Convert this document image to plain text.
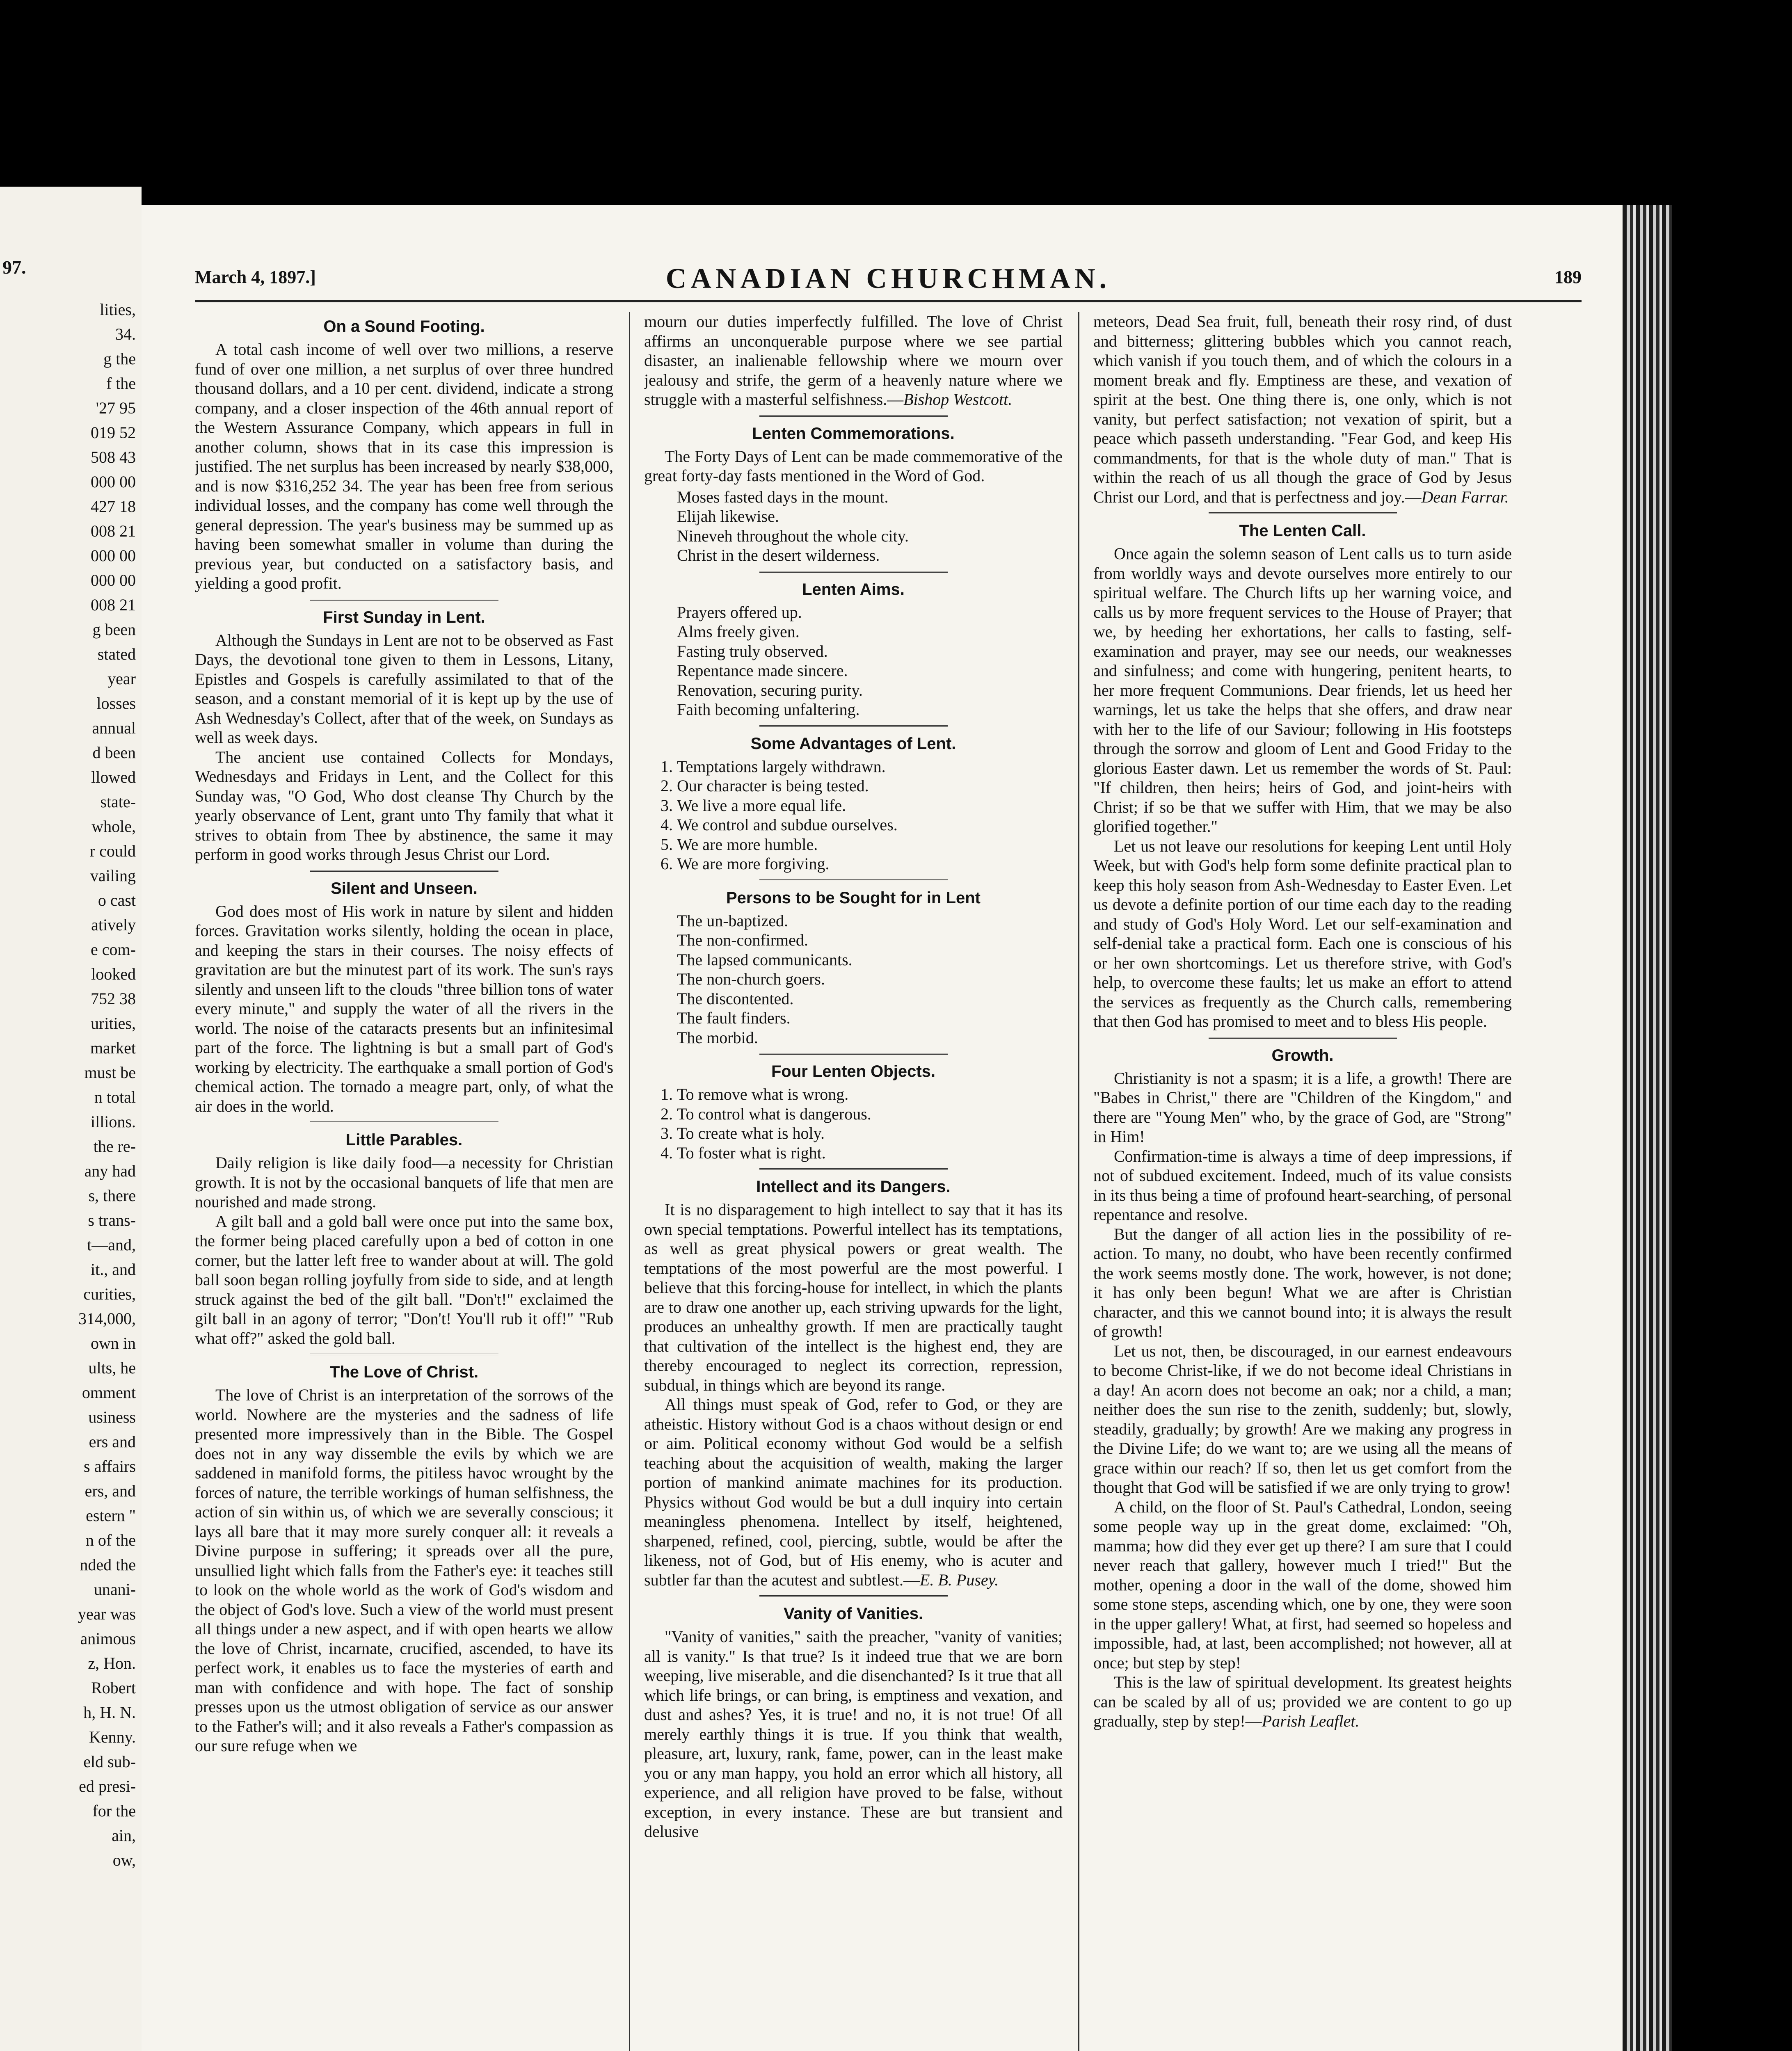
97.
lities,
34.
g the
f the
'27 95
019 52
508 43
000 00
427 18
008 21
000 00
000 00
008 21
g been
stated
year
losses
annual
d been
llowed
state-
whole,
r could
vailing
o cast
atively
e com-
looked
752 38
urities,
market
must be
n total
illions.
the re-
any had
s, there
s trans-
t—and,
it., and
curities,
314,000,
own in
ults, he
omment
usiness
ers and
s affairs
ers, and
estern "
n of the
nded the
unani-
year was
animous
z, Hon.
Robert
h, H. N.
Kenny.
eld sub-
ed presi-
for the
ain,
ow,
March 4, 1897.]	CANADIAN CHURCHMAN.	189
On a Sound Footing.

A total cash income of well over two millions, a reserve fund of over one million, a net surplus of over three hundred thousand dollars, and a 10 per cent. dividend, indicate a strong company, and a closer inspection of the 46th annual report of the Western Assurance Company, which appears in full in another column, shows that in its case this impression is justified. The net surplus has been increased by nearly $38,000, and is now $316,252 34. The year has been free from serious individual losses, and the company has come well through the general depression. The year's business may be summed up as having been somewhat smaller in volume than during the previous year, but conducted on a satisfactory basis, and yielding a good profit.

First Sunday in Lent.

Although the Sundays in Lent are not to be observed as Fast Days, the devotional tone given to them in Lessons, Litany, Epistles and Gospels is carefully assimilated to that of the season, and a constant memorial of it is kept up by the use of Ash Wednesday's Collect, after that of the week, on Sundays as well as week days.

The ancient use contained Collects for Mondays, Wednesdays and Fridays in Lent, and the Collect for this Sunday was, "O God, Who dost cleanse Thy Church by the yearly observance of Lent, grant unto Thy family that what it strives to obtain from Thee by abstinence, the same it may perform in good works through Jesus Christ our Lord.

Silent and Unseen.

God does most of His work in nature by silent and hidden forces. Gravitation works silently, holding the ocean in place, and keeping the stars in their courses. The noisy effects of gravitation are but the minutest part of its work. The sun's rays silently and unseen lift to the clouds "three billion tons of water every minute," and supply the water of all the rivers in the world. The noise of the cataracts presents but an infinitesimal part of the force. The lightning is but a small part of God's working by electricity. The earthquake a small portion of God's chemical action. The tornado a meagre part, only, of what the air does in the world.

Little Parables.

Daily religion is like daily food—a necessity for Christian growth. It is not by the occasional banquets of life that men are nourished and made strong.

A gilt ball and a gold ball were once put into the same box, the former being placed carefully upon a bed of cotton in one corner, but the latter left free to wander about at will. The gold ball soon began rolling joyfully from side to side, and at length struck against the bed of the gilt ball. "Don't!" exclaimed the gilt ball in an agony of terror; "Don't! You'll rub it off!" "Rub what off?" asked the gold ball.

The Love of Christ.

The love of Christ is an interpretation of the sorrows of the world. Nowhere are the mysteries and the sadness of life presented more impressively than in the Bible. The Gospel does not in any way dissemble the evils by which we are saddened in manifold forms, the pitiless havoc wrought by the forces of nature, the terrible workings of human selfishness, the action of sin within us, of which we are severally conscious; it lays all bare that it may more surely conquer all: it reveals a Divine purpose in suffering; it spreads over all the pure, unsullied light which falls from the Father's eye: it teaches still to look on the whole world as the work of God's wisdom and the object of God's love. Such a view of the world must present all things under a new aspect, and if with open hearts we allow the love of Christ, incarnate, crucified, ascended, to have its perfect work, it enables us to face the mysteries of earth and man with confidence and with hope. The fact of sonship presses upon us the utmost obligation of service as our answer to the Father's will; and it also reveals a Father's compassion as our sure refuge when we

mourn our duties imperfectly fulfilled. The love of Christ affirms an unconquerable purpose where we see partial disaster, an inalienable fellowship where we mourn over jealousy and strife, the germ of a heavenly nature where we struggle with a masterful selfishness.—Bishop Westcott.

Lenten Commemorations.

The Forty Days of Lent can be made commemorative of the great forty-day fasts mentioned in the Word of God.

Moses fasted days in the mount.
Elijah likewise.
Nineveh throughout the whole city.
Christ in the desert wilderness.
Lenten Aims.
Prayers offered up.
Alms freely given.
Fasting truly observed.
Repentance made sincere.
Renovation, securing purity.
Faith becoming unfaltering.
Some Advantages of Lent.
1. Temptations largely withdrawn.
2. Our character is being tested.
3. We live a more equal life.
4. We control and subdue ourselves.
5. We are more humble.
6. We are more forgiving.
Persons to be Sought for in Lent
The un-baptized.
The non-confirmed.
The lapsed communicants.
The non-church goers.
The discontented.
The fault finders.
The morbid.
Four Lenten Objects.
1. To remove what is wrong.
2. To control what is dangerous.
3. To create what is holy.
4. To foster what is right.
Intellect and its Dangers.

It is no disparagement to high intellect to say that it has its own special temptations. Powerful intellect has its temptations, as well as great physical powers or great wealth. The temptations of the most powerful are the most powerful. I believe that this forcing-house for intellect, in which the plants are to draw one another up, each striving upwards for the light, produces an unhealthy growth. If men are practically taught that cultivation of the intellect is the highest end, they are thereby encouraged to neglect its correction, repression, subdual, in things which are beyond its range.

All things must speak of God, refer to God, or they are atheistic. History without God is a chaos without design or end or aim. Political economy without God would be a selfish teaching about the acquisition of wealth, making the larger portion of mankind animate machines for its production. Physics without God would be but a dull inquiry into certain meaningless phenomena. Intellect by itself, heightened, sharpened, refined, cool, piercing, subtle, would be after the likeness, not of God, but of His enemy, who is acuter and subtler far than the acutest and subtlest.—E. B. Pusey.

Vanity of Vanities.

"Vanity of vanities," saith the preacher, "vanity of vanities; all is vanity." Is that true? Is it indeed true that we are born weeping, live miserable, and die disenchanted? Is it true that all which life brings, or can bring, is emptiness and vexation, and dust and ashes? Yes, it is true! and no, it is not true! Of all merely earthly things it is true. If you think that wealth, pleasure, art, luxury, rank, fame, power, can in the least make you or any man happy, you hold an error which all history, all experience, and all religion have proved to be false, without exception, in every instance. These are but transient and delusive

meteors, Dead Sea fruit, full, beneath their rosy rind, of dust and bitterness; glittering bubbles which you cannot reach, which vanish if you touch them, and of which the colours in a moment break and fly. Emptiness are these, and vexation of spirit at the best. One thing there is, one only, which is not vanity, but perfect satisfaction; not vexation of spirit, but a peace which passeth understanding. "Fear God, and keep His commandments, for that is the whole duty of man." That is within the reach of us all though the grace of God by Jesus Christ our Lord, and that is perfectness and joy.—Dean Farrar.

The Lenten Call.

Once again the solemn season of Lent calls us to turn aside from worldly ways and devote ourselves more entirely to our spiritual welfare. The Church lifts up her warning voice, and calls us by more frequent services to the House of Prayer; that we, by heeding her exhortations, her calls to fasting, self-examination and prayer, may see our needs, our weaknesses and sinfulness; and come with hungering, penitent hearts, to her more frequent Communions. Dear friends, let us heed her warnings, let us take the helps that she offers, and draw near with her to the life of our Saviour; following in His footsteps through the sorrow and gloom of Lent and Good Friday to the glorious Easter dawn. Let us remember the words of St. Paul: "If children, then heirs; heirs of God, and joint-heirs with Christ; if so be that we suffer with Him, that we may be also glorified together."

Let us not leave our resolutions for keeping Lent until Holy Week, but with God's help form some definite practical plan to keep this holy season from Ash-Wednesday to Easter Even. Let us devote a definite portion of our time each day to the reading and study of God's Holy Word. Let our self-examination and self-denial take a practical form. Each one is conscious of his or her own shortcomings. Let us therefore strive, with God's help, to overcome these faults; let us make an effort to attend the services as frequently as the Church calls, remembering that then God has promised to meet and to bless His people.

Growth.

Christianity is not a spasm; it is a life, a growth! There are "Babes in Christ," there are "Children of the Kingdom," and there are "Young Men" who, by the grace of God, are "Strong" in Him!

Confirmation-time is always a time of deep impressions, if not of subdued excitement. Indeed, much of its value consists in its thus being a time of profound heart-searching, of personal repentance and resolve.

But the danger of all action lies in the possibility of re-action. To many, no doubt, who have been recently confirmed the work seems mostly done. The work, however, is not done; it has only been begun! What we are after is Christian character, and this we cannot bound into; it is always the result of growth!

Let us not, then, be discouraged, in our earnest endeavours to become Christ-like, if we do not become ideal Christians in a day! An acorn does not become an oak; nor a child, a man; neither does the sun rise to the zenith, suddenly; but, slowly, steadily, gradually; by growth! Are we making any progress in the Divine Life; do we want to; are we using all the means of grace within our reach? If so, then let us get comfort from the thought that God will be satisfied if we are only trying to grow!

A child, on the floor of St. Paul's Cathedral, London, seeing some people way up in the great dome, exclaimed: "Oh, mamma; how did they ever get up there? I am sure that I could never reach that gallery, however much I tried!" But the mother, opening a door in the wall of the dome, showed him some stone steps, ascending which, one by one, they were soon in the upper gallery! What, at first, had seemed so hopeless and impossible, had, at last, been accomplished; not however, all at once; but step by step!

This is the law of spiritual development. Its greatest heights can be scaled by all of us; provided we are content to go up gradually, step by step!—Parish Leaflet.
